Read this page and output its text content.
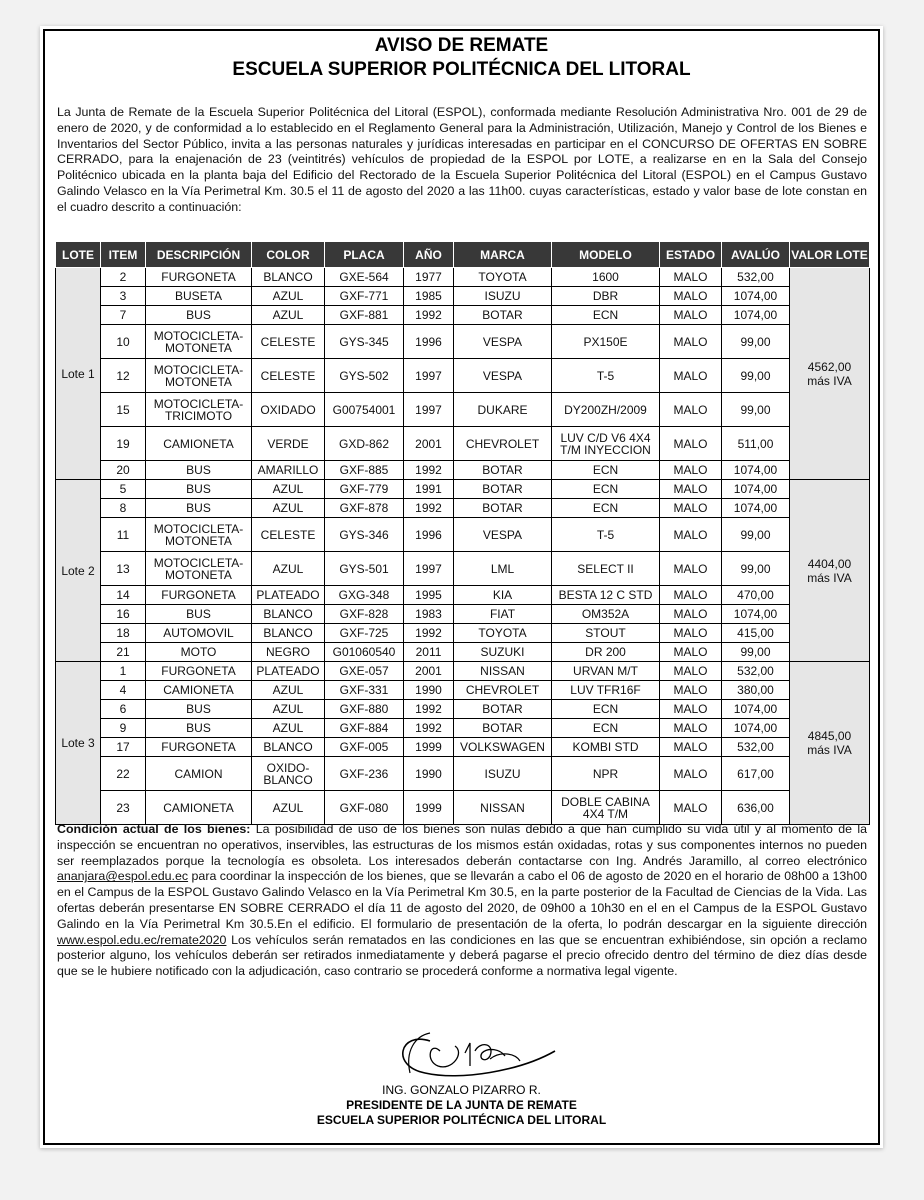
AVISO DE REMATE
ESCUELA SUPERIOR POLITÉCNICA DEL LITORAL

La Junta de Remate de la Escuela Superior Politécnica del Litoral (ESPOL), conformada mediante Resolución Administrativa Nro. 001 de 29 de enero de 2020, y de conformidad a lo establecido en el Reglamento General para la Administración, Utilización, Manejo y Control de los Bienes e Inventarios del Sector Público, invita a las personas naturales y jurídicas interesadas en participar en el CONCURSO DE OFERTAS EN SOBRE CERRADO, para la enajenación de 23 (veintitrés) vehículos de propiedad de la ESPOL por LOTE, a realizarse en en la Sala del Consejo Politécnico ubicada en la planta baja del Edificio del Rectorado de la Escuela Superior Politécnica del Litoral (ESPOL) en el Campus Gustavo Galindo Velasco en la Vía Perimetral Km. 30.5 el 11 de agosto del 2020 a las 11h00. cuyas características, estado y valor base de lote constan en el cuadro descrito a continuación:

LOTE	ITEM	DESCRIPCIÓN	COLOR	PLACA	AÑO	MARCA	MODELO	ESTADO	AVALÚO	VALOR LOTE
Lote 1	2	FURGONETA	BLANCO	GXE-564	1977	TOYOTA	1600	MALO	532,00	4562,00
más IVA

	3	BUSETA	AZUL	GXF-771	1985	ISUZU	DBR	MALO	1074,00	
	7	BUS	AZUL	GXF-881	1992	BOTAR	ECN	MALO	1074,00	
	10	MOTOCICLETA-MOTONETA	CELESTE	GYS-345	1996	VESPA	PX150E	MALO	99,00	
	12	MOTOCICLETA-MOTONETA	CELESTE	GYS-502	1997	VESPA	T-5	MALO	99,00	
	15	MOTOCICLETA-TRICIMOTO	OXIDADO	G00754001	1997	DUKARE	DY200ZH/2009	MALO	99,00	
	19	CAMIONETA	VERDE	GXD-862	2001	CHEVROLET	LUV C/D V6 4X4 T/M INYECCION	MALO	511,00	
	20	BUS	AMARILLO	GXF-885	1992	BOTAR	ECN	MALO	1074,00	
Lote 2	5	BUS	AZUL	GXF-779	1991	BOTAR	ECN	MALO	1074,00	4404,00
más IVA

	8	BUS	AZUL	GXF-878	1992	BOTAR	ECN	MALO	1074,00	
	11	MOTOCICLETA-MOTONETA	CELESTE	GYS-346	1996	VESPA	T-5	MALO	99,00	
	13	MOTOCICLETA-MOTONETA	AZUL	GYS-501	1997	LML	SELECT II	MALO	99,00	
	14	FURGONETA	PLATEADO	GXG-348	1995	KIA	BESTA 12 C STD	MALO	470,00	
	16	BUS	BLANCO	GXF-828	1983	FIAT	OM352A	MALO	1074,00	
	18	AUTOMOVIL	BLANCO	GXF-725	1992	TOYOTA	STOUT	MALO	415,00	
	21	MOTO	NEGRO	G01060540	2011	SUZUKI	DR 200	MALO	99,00	
Lote 3	1	FURGONETA	PLATEADO	GXE-057	2001	NISSAN	URVAN M/T	MALO	532,00	4845,00
más IVA

	4	CAMIONETA	AZUL	GXF-331	1990	CHEVROLET	LUV TFR16F	MALO	380,00	
	6	BUS	AZUL	GXF-880	1992	BOTAR	ECN	MALO	1074,00	
	9	BUS	AZUL	GXF-884	1992	BOTAR	ECN	MALO	1074,00	
	17	FURGONETA	BLANCO	GXF-005	1999	VOLKSWAGEN	KOMBI STD	MALO	532,00	
	22	CAMION	OXIDO-BLANCO	GXF-236	1990	ISUZU	NPR	MALO	617,00	
	23	CAMIONETA	AZUL	GXF-080	1999	NISSAN	DOBLE CABINA 4X4 T/M	MALO	636,00	

Condición actual de los bienes: La posibilidad de uso de los bienes son nulas debido a que han cumplido su vida útil y al momento de la inspección se encuentran no operativos, inservibles, las estructuras de los mismos están oxidadas, rotas y sus componentes internos no pueden ser reemplazados porque la tecnología es obsoleta. Los interesados deberán contactarse con Ing. Andrés Jaramillo, al correo electrónico ananjara@espol.edu.ec para coordinar la inspección de los bienes, que se llevarán a cabo el 06 de agosto de 2020 en el horario de 08h00 a 13h00 en el Campus de la ESPOL Gustavo Galindo Velasco en la Vía Perimetral Km 30.5, en la parte posterior de la Facultad de Ciencias de la Vida. Las ofertas deberán presentarse EN SOBRE CERRADO el día 11 de agosto del 2020, de 09h00 a 10h30 en el en el Campus de la ESPOL Gustavo Galindo en la Vía Perimetral Km 30.5.En el edificio. El formulario de presentación de la oferta, lo podrán descargar en la siguiente dirección www.espol.edu.ec/remate2020 Los vehículos serán rematados en las condiciones en las que se encuentran exhibiéndose, sin opción a reclamo posterior alguno, los vehículos deberán ser retirados inmediatamente y deberá pagarse el precio ofrecido dentro del término de diez días desde que se le hubiere notificado con la adjudicación, caso contrario se procederá conforme a normativa legal vigente.

ING. GONZALO PIZARRO R.
PRESIDENTE DE LA JUNTA DE REMATE
ESCUELA SUPERIOR POLITÉCNICA DEL LITORAL
